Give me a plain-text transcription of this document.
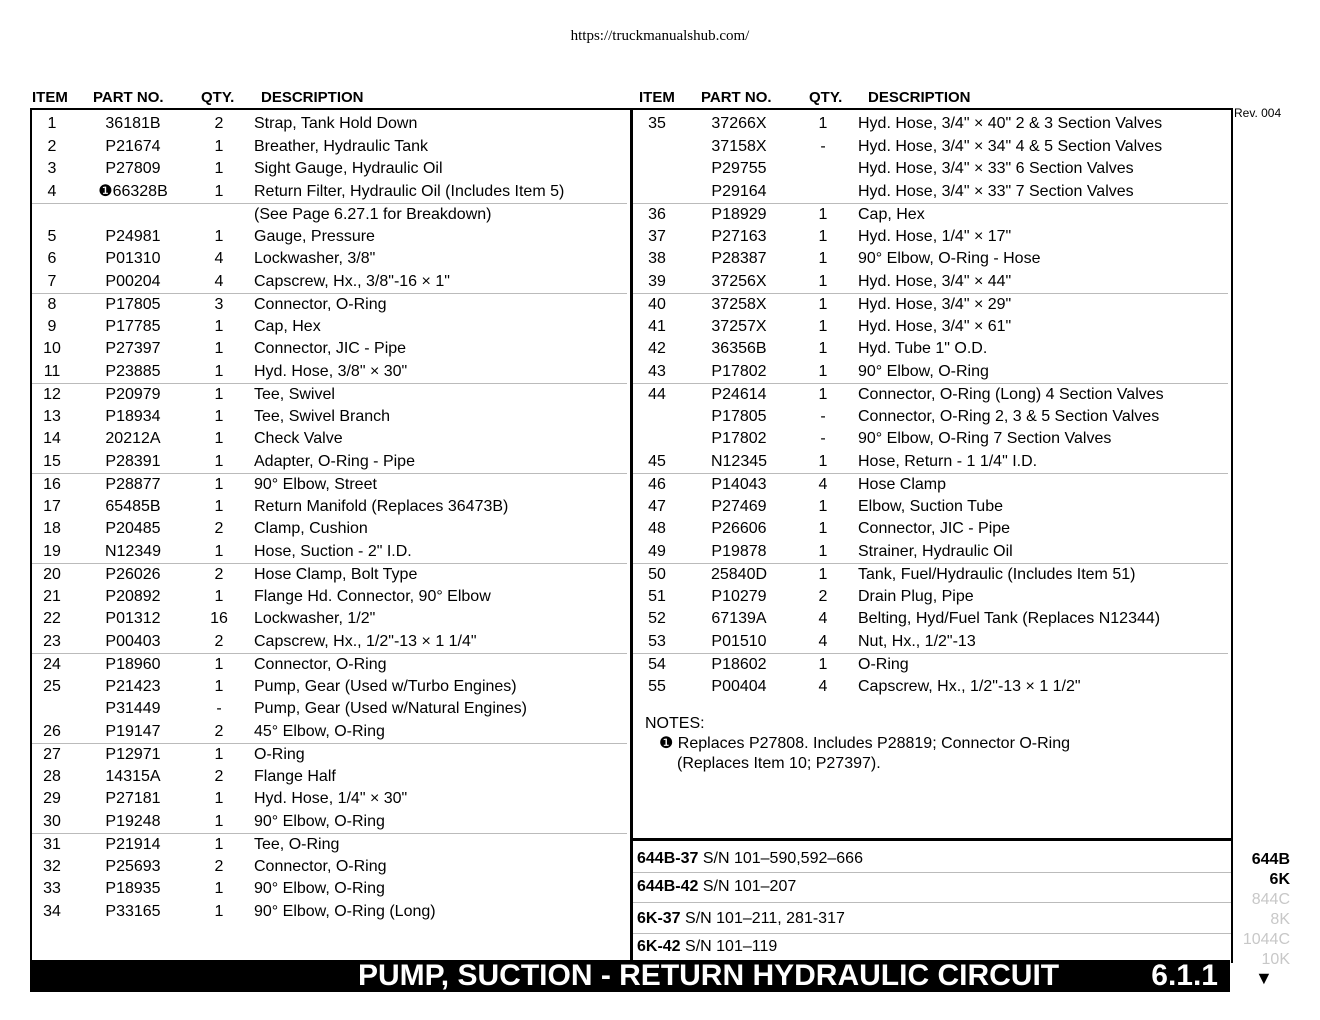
https://truckmanualshub.com/
ITEM PART NO. QTY. DESCRIPTION	ITEM PART NO. QTY. DESCRIPTION
1	36181B	2	Strap, Tank Hold Down
2	P21674	1	Breather, Hydraulic Tank
3	P27809	1	Sight Gauge, Hydraulic Oil
4	❶66328B	1	Return Filter, Hydraulic Oil (Includes Item 5)
(See Page 6.27.1 for Breakdown)
5	P24981	1	Gauge, Pressure
6	P01310	4	Lockwasher, 3/8"
7	P00204	4	Capscrew, Hx., 3/8"-16 × 1"
8	P17805	3	Connector, O-Ring
9	P17785	1	Cap, Hex
10	P27397	1	Connector, JIC - Pipe
11	P23885	1	Hyd. Hose, 3/8" × 30"
12	P20979	1	Tee, Swivel
13	P18934	1	Tee, Swivel Branch
14	20212A	1	Check Valve
15	P28391	1	Adapter, O-Ring - Pipe
16	P28877	1	90° Elbow, Street
17	65485B	1	Return Manifold (Replaces 36473B)
18	P20485	2	Clamp, Cushion
19	N12349	1	Hose, Suction - 2" I.D.
20	P26026	2	Hose Clamp, Bolt Type
21	P20892	1	Flange Hd. Connector, 90° Elbow
22	P01312	16	Lockwasher, 1/2"
23	P00403	2	Capscrew, Hx., 1/2"-13 × 1 1/4"
24	P18960	1	Connector, O-Ring
25	P21423	1	Pump, Gear (Used w/Turbo Engines)
P31449	-	Pump, Gear (Used w/Natural Engines)
26	P19147	2	45° Elbow, O-Ring
27	P12971	1	O-Ring
28	14315A	2	Flange Half
29	P27181	1	Hyd. Hose, 1/4" × 30"
30	P19248	1	90° Elbow, O-Ring
31	P21914	1	Tee, O-Ring
32	P25693	2	Connector, O-Ring
33	P18935	1	90° Elbow, O-Ring
34	P33165	1	90° Elbow, O-Ring (Long)
35	37266X	1	Hyd. Hose, 3/4" × 40" 2 & 3 Section Valves
37158X	-	Hyd. Hose, 3/4" × 34" 4 & 5 Section Valves
P29755	Hyd. Hose, 3/4" × 33" 6 Section Valves
P29164	Hyd. Hose, 3/4" × 33" 7 Section Valves
36	P18929	1	Cap, Hex
37	P27163	1	Hyd. Hose, 1/4" × 17"
38	P28387	1	90° Elbow, O-Ring - Hose
39	37256X	1	Hyd. Hose, 3/4" × 44"
40	37258X	1	Hyd. Hose, 3/4" × 29"
41	37257X	1	Hyd. Hose, 3/4" × 61"
42	36356B	1	Hyd. Tube 1" O.D.
43	P17802	1	90° Elbow, O-Ring
44	P24614	1	Connector, O-Ring (Long) 4 Section Valves
P17805	-	Connector, O-Ring 2, 3 & 5 Section Valves
P17802	-	90° Elbow, O-Ring 7 Section Valves
45	N12345	1	Hose, Return - 1 1/4" I.D.
46	P14043	4	Hose Clamp
47	P27469	1	Elbow, Suction Tube
48	P26606	1	Connector, JIC - Pipe
49	P19878	1	Strainer, Hydraulic Oil
50	25840D	1	Tank, Fuel/Hydraulic (Includes Item 51)
51	P10279	2	Drain Plug, Pipe
52	67139A	4	Belting, Hyd/Fuel Tank (Replaces N12344)
53	P01510	4	Nut, Hx., 1/2"-13
54	P18602	1	O-Ring
55	P00404	4	Capscrew, Hx., 1/2"-13 × 1 1/2"
NOTES:
❶ Replaces P27808. Includes P28819; Connector O-Ring
(Replaces Item 10; P27397).
644B-37 S/N 101–590,592–666
644B-42 S/N 101–207
6K-37 S/N 101–211, 281-317
6K-42 S/N 101–119
PUMP, SUCTION - RETURN HYDRAULIC CIRCUIT	6.1.1
Rev. 004
644B
6K
844C
8K
1044C
10K
▼
